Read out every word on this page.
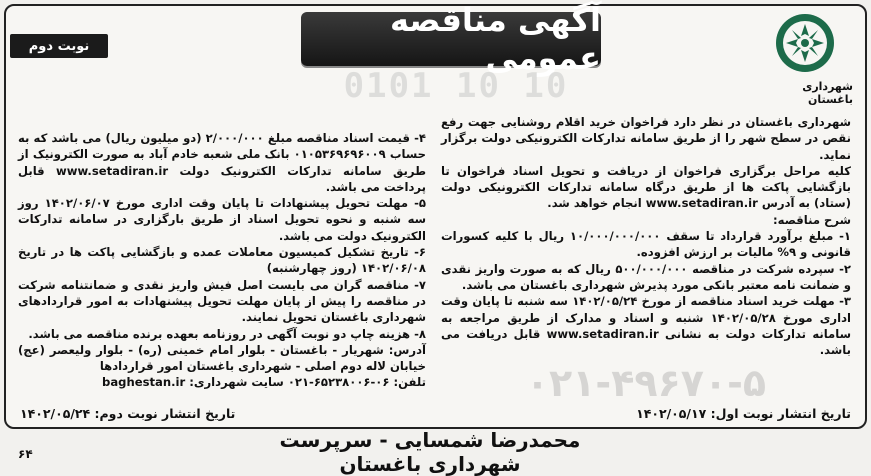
نوبت دوم
آگهی مناقصه عمومی
0101 10 10	شهرداری باغستان
۰۲۱-۴۹۶۷۰-۵

شهرداری باغستان در نظر دارد فراخوان خرید اقلام روشنایی جهت رفع نقص در سطح شهر را از طریق سامانه تدارکات الکترونیکی دولت برگزار نماید.

کلیه مراحل برگزاری فراخوان از دریافت و تحویل اسناد فراخوان تا بازگشایی پاکت ها از طریق درگاه سامانه تدارکات الکترونیکی دولت (ستاد) به آدرس www.setadiran.ir انجام خواهد شد.

شرح مناقصه:

۱- مبلغ برآورد قرارداد تا سقف ۱۰/۰۰۰/۰۰۰/۰۰۰ ریال با کلیه کسورات قانونی و ۹% مالیات بر ارزش افزوده.

۲- سپرده شرکت در مناقصه ۵۰۰/۰۰۰/۰۰۰ ریال که به صورت واریز نقدی و ضمانت نامه معتبر بانکی مورد پذیرش شهرداری باغستان می باشد.

۳- مهلت خرید اسناد مناقصه از مورخ ۱۴۰۲/۰۵/۲۴ سه شنبه تا پایان وقت اداری مورخ ۱۴۰۲/۰۵/۲۸ شنبه و اسناد و مدارک از طریق مراجعه به سامانه تدارکات دولت به نشانی www.setadiran.ir قابل دریافت می باشد.

۴- قیمت اسناد مناقصه مبلغ ۲/۰۰۰/۰۰۰ (دو میلیون ریال) می باشد که به حساب ۰۱۰۵۳۶۹۶۹۶۰۰۹ بانک ملی شعبه خادم آباد به صورت الکترونیک از طریق سامانه تدارکات الکترونیک دولت www.setadiran.ir قابل پرداخت می باشد.

۵- مهلت تحویل پیشنهادات تا پایان وقت اداری مورخ ۱۴۰۲/۰۶/۰۷ روز سه شنبه و نحوه تحویل اسناد از طریق بارگزاری در سامانه تدارکات الکترونیک دولت می باشد.

۶- تاریخ تشکیل کمیسیون معاملات عمده و بازگشایی پاکت ها در تاریخ ۱۴۰۲/۰۶/۰۸ (روز چهارشنبه)

۷- مناقصه گران می بایست اصل فیش واریز نقدی و ضمانتنامه شرکت در مناقصه را پیش از پایان مهلت تحویل پیشنهادات به امور قراردادهای شهرداری باغستان تحویل نمایند.

۸- هزینه چاپ دو نوبت آگهی در روزنامه بعهده برنده مناقصه می باشد.

آدرس: شهریار - باغستان - بلوار امام خمینی (ره) - بلوار ولیعصر (عج) خیابان لاله دوم اصلی - شهرداری باغستان امور قراردادها

تلفن: ۰۶-۶۵۲۳۸۰۰۶-۰۲۱ سایت شهرداری: baghestan.ir

تاریخ انتشار نوبت اول: ۱۴۰۲/۰۵/۱۷
تاریخ انتشار نوبت دوم: ۱۴۰۲/۰۵/۲۴
محمدرضا شمسایی - سرپرست شهرداری باغستان
۶۴
